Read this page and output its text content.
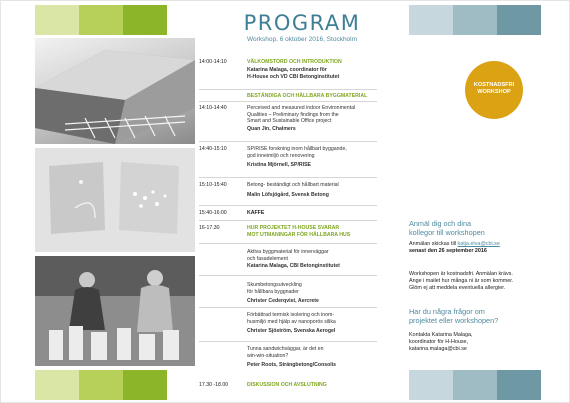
PROGRAM
Workshop, 6 oktober 2016, Stockholm
14:00-14:10	VÄLKOMSTORD OCH INTRODUKTION
Katarina Malaga, coordinator för
H-House och VD CBI Betonginstitutet
BESTÄNDIGA OCH HÅLLBARA BYGGMATERIAL
14:10-14:40	Perceived and measured indoor Environmental
Qualities – Preliminary findings from the
Smart and Sustainable Office project
Quan Jin, Chalmers
14:40-15:10	SP/RISE forskning inom hållbart byggande,
god inneimiljö och renovering
Kristina Mjörnell, SP/RISE
15:10-15:40	Betong- beständigt och hållbart material
Malin Löfsjögård, Svensk Betong
15:40-16:00	KAFFE
16-17.30	HUR PROJEKTET H-HOUSE SVARAR
MOT UTMANINGAR FÖR HÅLLBARA HUS
Aktiva byggmaterial för innerväggar
och fasadelement
Katarina Malaga, CBI Betonginstitutet
Skumbetongsutveckling
för hållbara byggnader
Christer Cederqvist, Aercrete
Förbättrad termisk isolering och inom-
husmiljö med hjälp av nanoporös silika
Christer Sjöström, Svenska Aerogel
Tunna sandwichväggar, är det en
win-win-situation?
Peter Roots, Strängbetong/Consolis
17.30 -18.00	DISKUSSION OCH AVSLUTNING
KOSTNADSFRI
WORKSHOP
Anmäl dig och dina
kollegor till workshopen
Anmälan skickas till katja.elva@cbi.se
senast den 26 september 2016
Workshopen är kostnadsfri. Anmälan krävs.
Ange i mailet hur många ni är som kommer.
Glöm ej att meddela eventuella allergier.
Har du några frågor om
projektet eller workshopen?
Kontakta Katarina Malaga,
koordinator för H-House,
katarina.malaga@cbi.se
